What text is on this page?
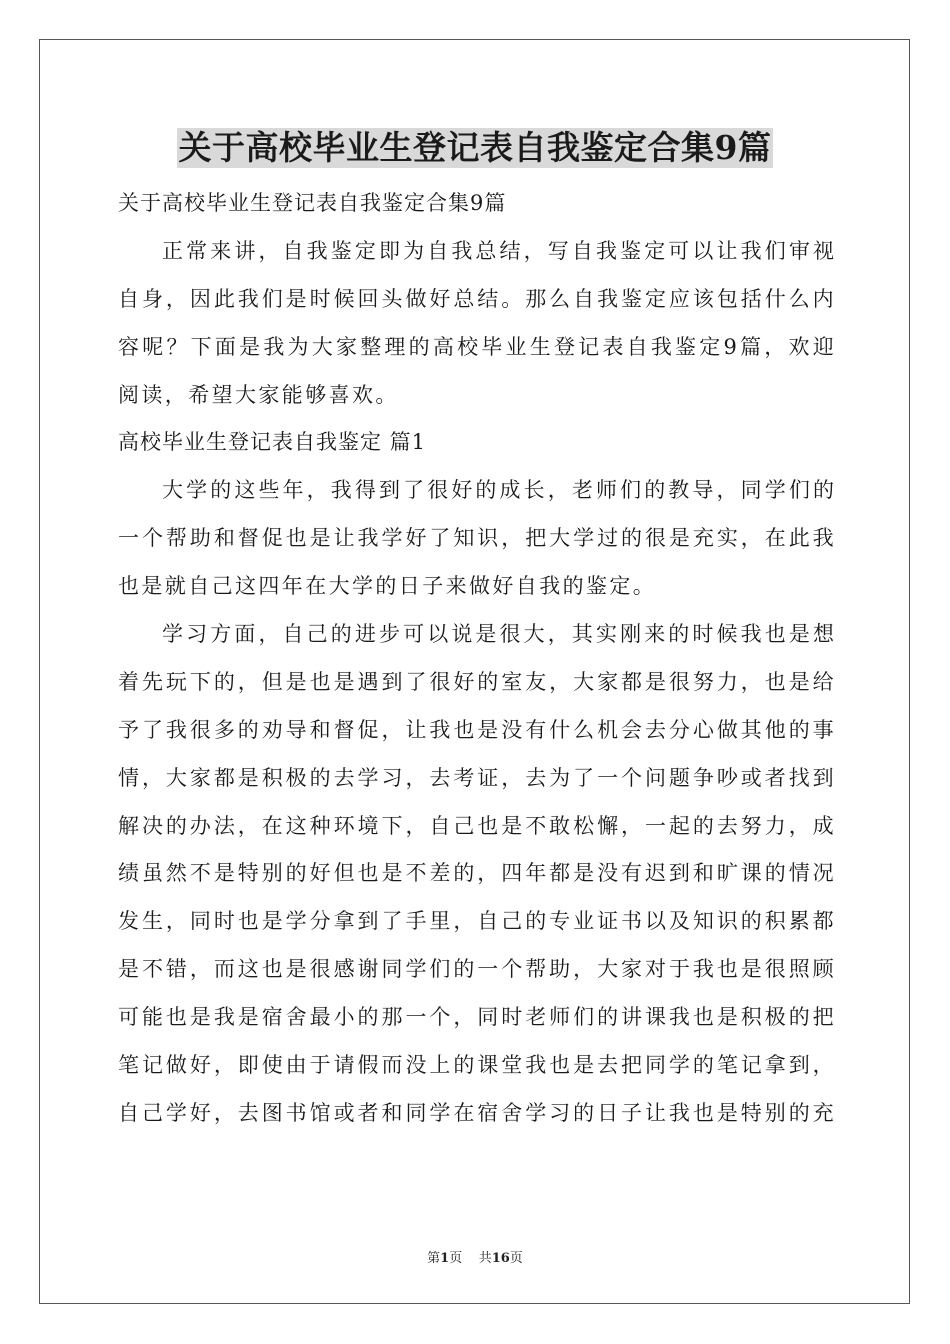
关于高校毕业生登记表自我鉴定合集9篇
关于高校毕业生登记表自我鉴定合集9篇
正 常 来 讲 ， 自 我 鉴 定 即 为 自 我 总 结 ， 写 自 我 鉴 定 可 以 让 我 们 审 视
自 身 ， 因 此 我 们 是 时 候 回 头 做 好 总 结 。 那 么 自 我 鉴 定 应 该 包 括 什 么 内
容 呢 ？ 下 面 是 我 为 大 家 整 理 的 高 校 毕 业 生 登 记 表 自 我 鉴 定 9 篇 ， 欢 迎
阅读，希望大家能够喜欢。
高校毕业生登记表自我鉴定 篇1
大 学 的 这 些 年 ， 我 得 到 了 很 好 的 成 长 ， 老 师 们 的 教 导 ， 同 学 们 的
一 个 帮 助 和 督 促 也 是 让 我 学 好 了 知 识 ， 把 大 学 过 的 很 是 充 实 ， 在 此 我
也是就自己这四年在大学的日子来做好自我的鉴定。
学 习 方 面 ， 自 己 的 进 步 可 以 说 是 很 大 ， 其 实 刚 来 的 时 候 我 也 是 想
着 先 玩 下 的 ， 但 是 也 是 遇 到 了 很 好 的 室 友 ， 大 家 都 是 很 努 力 ， 也 是 给
予 了 我 很 多 的 劝 导 和 督 促 ， 让 我 也 是 没 有 什 么 机 会 去 分 心 做 其 他 的 事
情 ， 大 家 都 是 积 极 的 去 学 习 ， 去 考 证 ， 去 为 了 一 个 问 题 争 吵 或 者 找 到
解 决 的 办 法 ， 在 这 种 环 境 下 ， 自 己 也 是 不 敢 松 懈 ， 一 起 的 去 努 力 ， 成
绩 虽 然 不 是 特 别 的 好 但 也 是 不 差 的 ， 四 年 都 是 没 有 迟 到 和 旷 课 的 情 况
发 生 ， 同 时 也 是 学 分 拿 到 了 手 里 ， 自 己 的 专 业 证 书 以 及 知 识 的 积 累 都
是 不 错 ， 而 这 也 是 很 感 谢 同 学 们 的 一 个 帮 助 ， 大 家 对 于 我 也 是 很 照 顾
可 能 也 是 我 是 宿 舍 最 小 的 那 一 个 ， 同 时 老 师 们 的 讲 课 我 也 是 积 极 的 把
笔 记 做 好 ， 即 使 由 于 请 假 而 没 上 的 课 堂 我 也 是 去 把 同 学 的 笔 记 拿 到 ，
自 己 学 好 ， 去 图 书 馆 或 者 和 同 学 在 宿 舍 学 习 的 日 子 让 我 也 是 特 别 的 充
第1页 共16页
